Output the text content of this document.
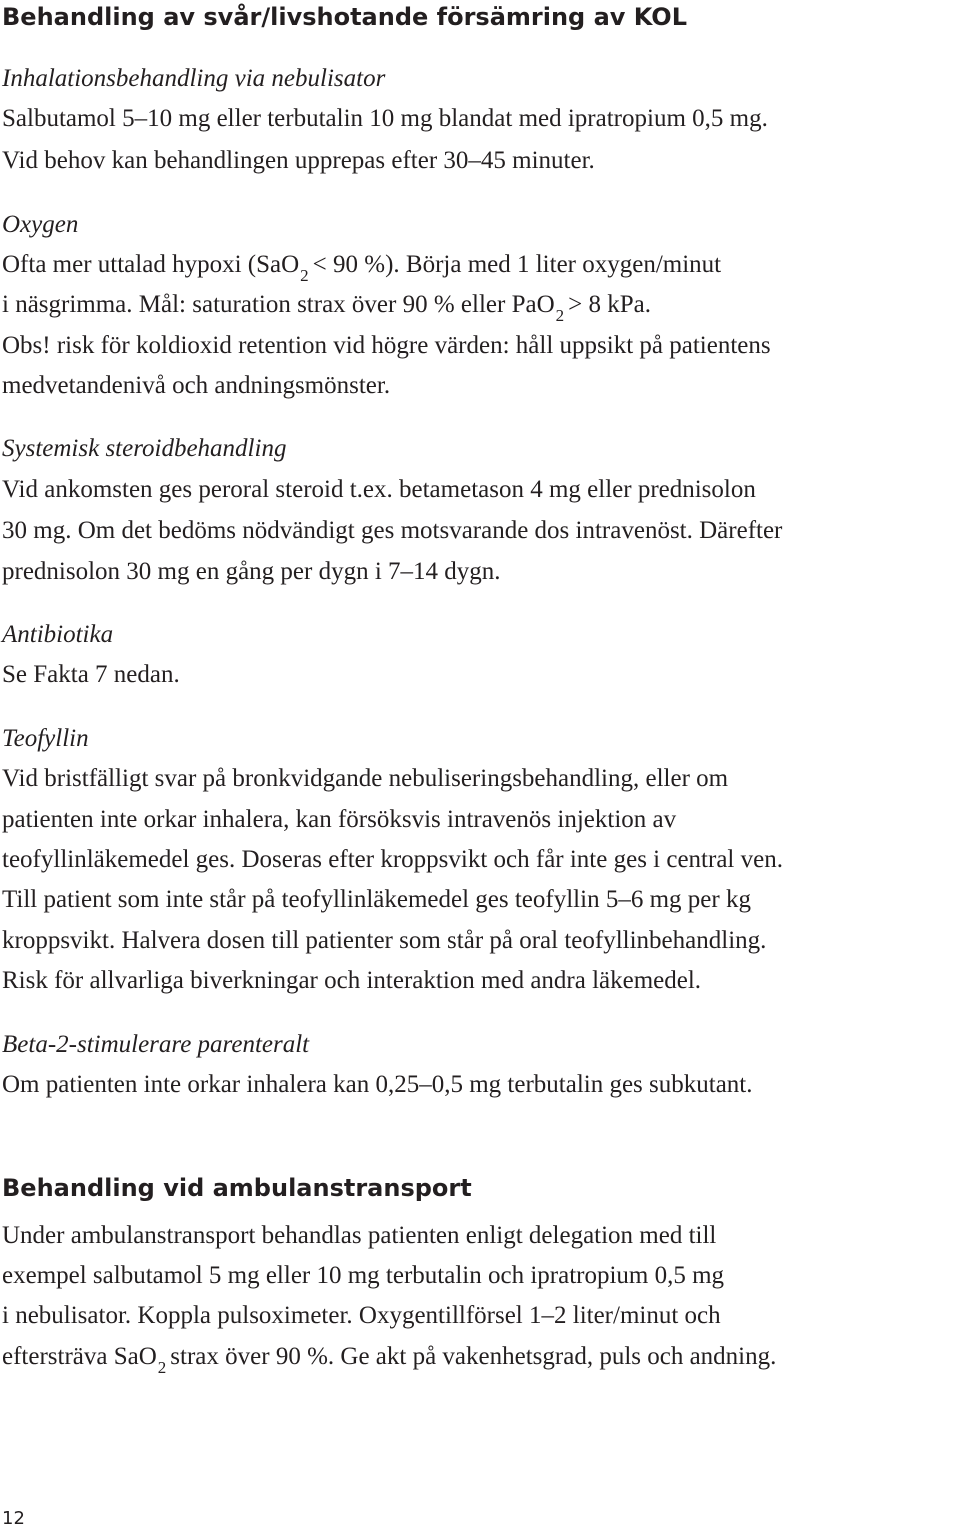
Behandling av svår/livshotande försämring av KOL

Inhalationsbehandling via nebulisator

Salbutamol 5–10 mg eller terbutalin 10 mg blandat med ipratropium 0,5 mg.

Vid behov kan behandlingen upprepas efter 30–45 minuter.

Oxygen

Ofta mer uttalad hypoxi (SaO$_2$ < 90 %). Börja med 1 liter oxygen/minut

i näsgrimma. Mål: saturation strax över 90 % eller PaO$_2$ > 8 kPa.

Obs! risk för koldioxid retention vid högre värden: håll uppsikt på patientens

medvetandenivå och andningsmönster.

Systemisk steroidbehandling

Vid ankomsten ges peroral steroid t.ex. betametason 4 mg eller prednisolon

30 mg. Om det bedöms nödvändigt ges motsvarande dos intravenöst. Därefter

prednisolon 30 mg en gång per dygn i 7–14 dygn.

Antibiotika

Se Fakta 7 nedan.

Teofyllin

Vid bristfälligt svar på bronkvidgande nebuliseringsbehandling, eller om

patienten inte orkar inhalera, kan försöksvis intravenös injektion av

teofyllinläkemedel ges. Doseras efter kroppsvikt och får inte ges i central ven.

Till patient som inte står på teofyllinläkemedel ges teofyllin 5–6 mg per kg

kroppsvikt. Halvera dosen till patienter som står på oral teofyllinbehandling.

Risk för allvarliga biverkningar och interaktion med andra läkemedel.

Beta-2-stimulerare parenteralt

Om patienten inte orkar inhalera kan 0,25–0,5 mg terbutalin ges subkutant.

Behandling vid ambulanstransport

Under ambulanstransport behandlas patienten enligt delegation med till

exempel salbutamol 5 mg eller 10 mg terbutalin och ipratropium 0,5 mg

i nebulisator. Koppla pulsoximeter. Oxygentillförsel 1–2 liter/minut och

eftersträva SaO$_2$ strax över 90 %. Ge akt på vakenhetsgrad, puls och andning.

12
